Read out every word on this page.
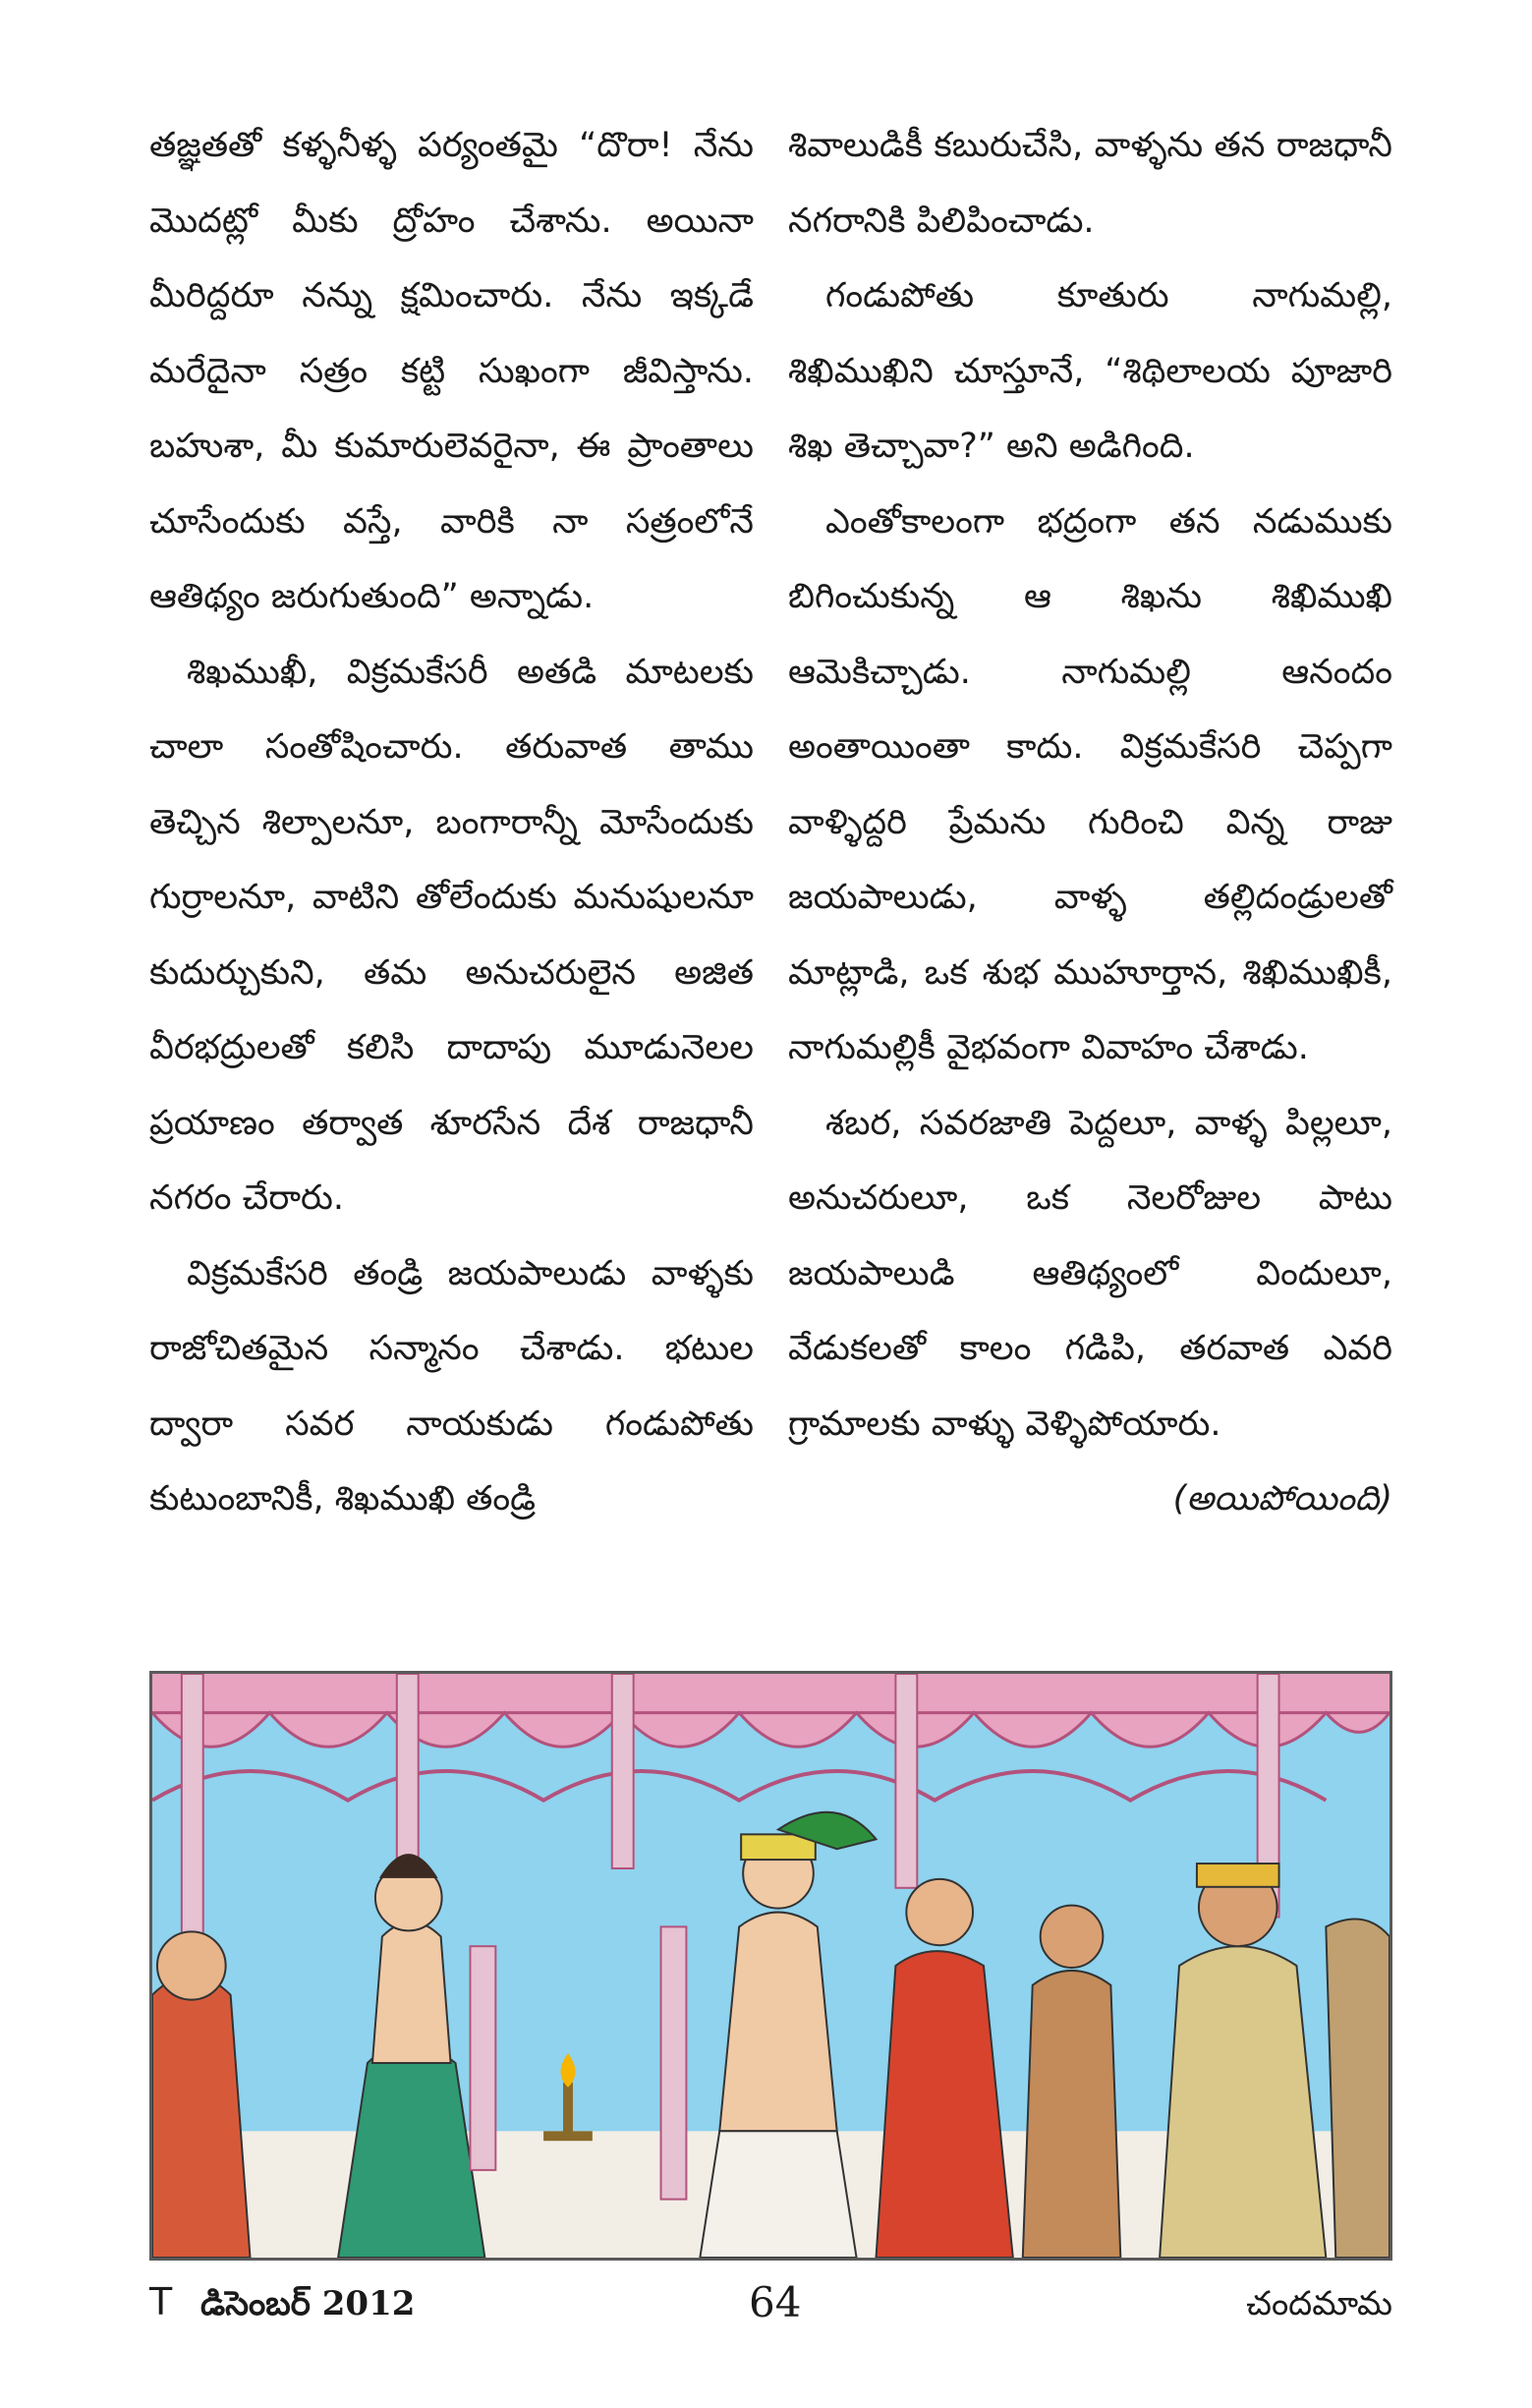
తజ్ఞతతో కళ్ళనీళ్ళ పర్యంతమై “దొరా! నేను మొదట్లో మీకు ద్రోహం చేశాను. అయినా మీరిద్దరూ నన్ను క్షమించారు. నేను ఇక్కడే మరేదైనా సత్రం కట్టి సుఖంగా జీవిస్తాను. బహుశా, మీ కుమారులెవరైనా, ఈ ప్రాంతాలు చూసేందుకు వస్తే, వారికి నా సత్రంలోనే ఆతిథ్యం జరుగుతుంది” అన్నాడు.

శిఖముఖీ, విక్రమకేసరీ అతడి మాటలకు చాలా సంతోషించారు. తరువాత తాము తెచ్చిన శిల్పాలనూ, బంగారాన్నీ మోసేందుకు గుర్రాలనూ, వాటిని తోలేందుకు మనుషులనూ కుదుర్చుకుని, తమ అనుచరులైన అజిత వీరభద్రులతో కలిసి దాదాపు మూడునెలల ప్రయాణం తర్వాత శూరసేన దేశ రాజధానీ నగరం చేరారు.

విక్రమకేసరి తండ్రి జయపాలుడు వాళ్ళకు రాజోచితమైన సన్మానం చేశాడు. భటుల ద్వారా సవర నాయకుడు గండుపోతు కుటుంబానికీ, శిఖముఖి తండ్రి

శివాలుడికీ కబురుచేసి, వాళ్ళను తన రాజధానీ నగరానికి పిలిపించాడు.

గండుపోతు కూతురు నాగుమల్లి, శిఖిముఖిని చూస్తూనే, “శిథిలాలయ పూజారి శిఖ తెచ్చావా?” అని అడిగింది.

ఎంతోకాలంగా భద్రంగా తన నడుముకు బిగించుకున్న ఆ శిఖను శిఖిముఖి ఆమెకిచ్చాడు. నాగుమల్లి ఆనందం అంతాయింతా కాదు. విక్రమకేసరి చెప్పగా వాళ్ళిద్దరి ప్రేమను గురించి విన్న రాజు జయపాలుడు, వాళ్ళ తల్లిదండ్రులతో మాట్లాడి, ఒక శుభ ముహూర్తాన, శిఖిముఖికీ, నాగుమల్లికీ వైభవంగా వివాహం చేశాడు.

శబర, సవరజాతి పెద్దలూ, వాళ్ళ పిల్లలూ, అనుచరులూ, ఒక నెలరోజుల పాటు జయపాలుడి ఆతిథ్యంలో విందులూ, వేడుకలతో కాలం గడిపి, తరవాత ఎవరి గ్రామాలకు వాళ్ళు వెళ్ళిపోయారు.

(అయిపోయింది)
T డిసెంబర్ 2012	64	చందమామ
